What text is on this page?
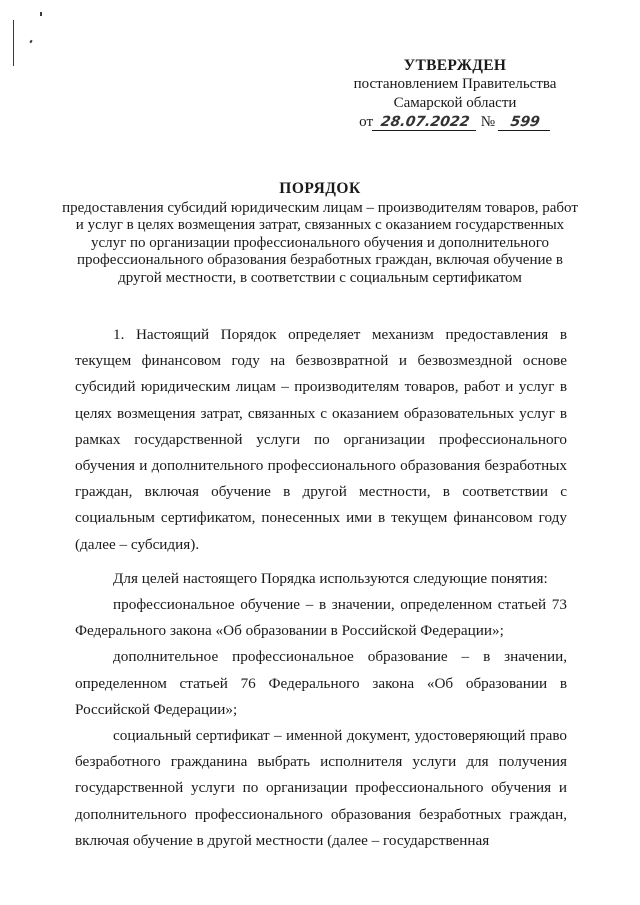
УТВЕРЖДЕН
постановлением Правительства
Самарской области
от 28.07.2022 № 599
ПОРЯДОК
предоставления субсидий юридическим лицам – производителям товаров, работ и услуг в целях возмещения затрат, связанных с оказанием государственных услуг по организации профессионального обучения и дополнительного профессионального образования безработных граждан, включая обучение в другой местности, в соответствии с социальным сертификатом

1. Настоящий Порядок определяет механизм предоставления в текущем финансовом году на безвозвратной и безвозмездной основе субсидий юридическим лицам – производителям товаров, работ и услуг в целях возмещения затрат, связанных с оказанием образовательных услуг в рамках государственной услуги по организации профессионального обучения и дополнительного профессионального образования безработных граждан, включая обучение в другой местности, в соответствии с социальным сертификатом, понесенных ими в текущем финансовом году (далее – субсидия).

Для целей настоящего Порядка используются следующие понятия:

профессиональное обучение – в значении, определенном статьей 73 Федерального закона «Об образовании в Российской Федерации»;

дополнительное профессиональное образование – в значении, определенном статьей 76 Федерального закона «Об образовании в Российской Федерации»;

социальный сертификат – именной документ, удостоверяющий право безработного гражданина выбрать исполнителя услуги для получения государственной услуги по организации профессионального обучения и дополнительного профессионального образования безработных граждан, включая обучение в другой местности (далее – государственная
